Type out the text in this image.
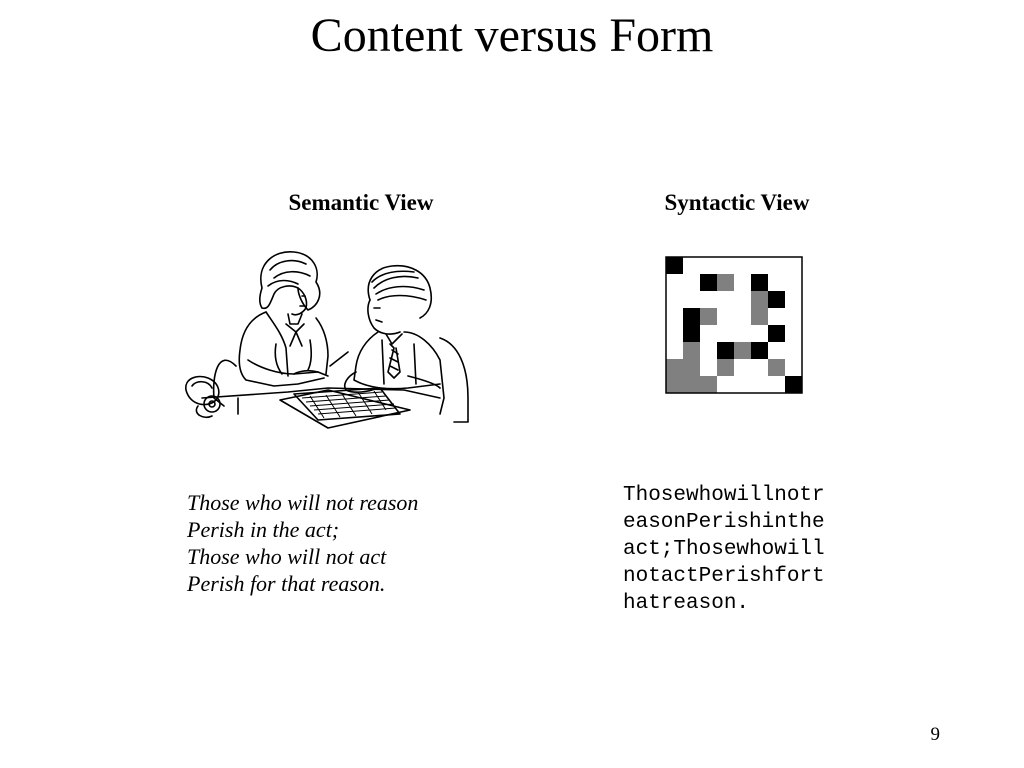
Content versus Form
Semantic View	Syntactic View
Those who will not reason
Perish in the act;
Those who will not act
Perish for that reason.
Thosewhowillnotr
easonPerishinthe
act;Thosewhowill
notactPerishfort
hatreason.
9
